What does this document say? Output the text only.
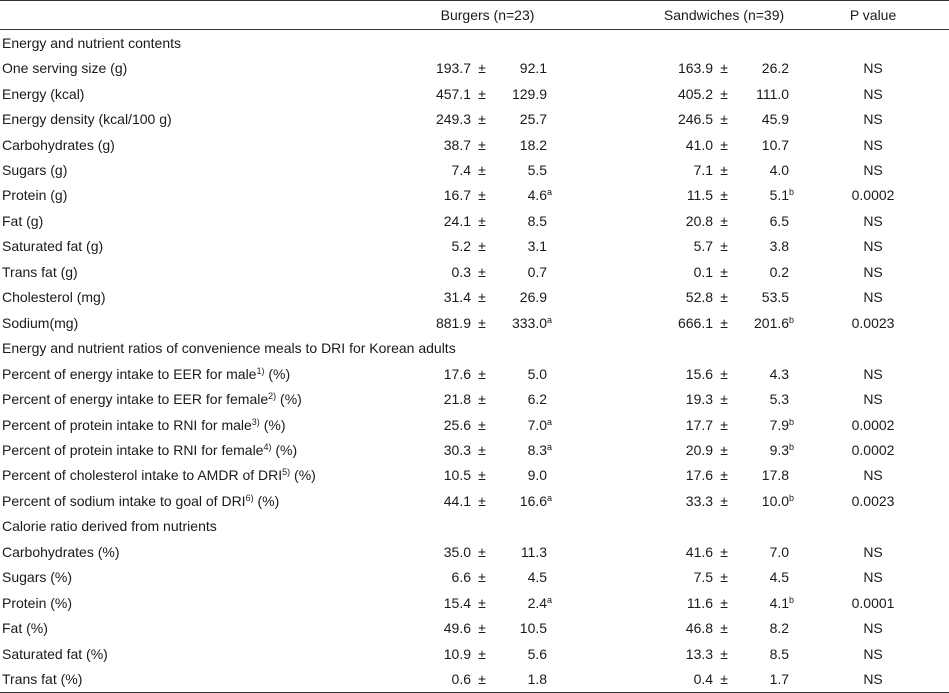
	Burgers (n=23)			Sandwiches (n=39)			P value
Energy and nutrient contents							
One serving size (g)	193.7	±	92.1	163.9	±	26.2	NS
Energy (kcal)	457.1	±	129.9	405.2	±	111.0	NS
Energy density (kcal/100 g)	249.3	±	25.7	246.5	±	45.9	NS
Carbohydrates (g)	38.7	±	18.2	41.0	±	10.7	NS
Sugars (g)	7.4	±	5.5	7.1	±	4.0	NS
Protein (g)	16.7	±	4.6a	11.5	±	5.1b	0.0002
Fat (g)	24.1	±	8.5	20.8	±	6.5	NS
Saturated fat (g)	5.2	±	3.1	5.7	±	3.8	NS
Trans fat (g)	0.3	±	0.7	0.1	±	0.2	NS
Cholesterol (mg)	31.4	±	26.9	52.8	±	53.5	NS
Sodium(mg)	881.9	±	333.0a	666.1	±	201.6b	0.0023
Energy and nutrient ratios of convenience meals to DRI for Korean adults							
Percent of energy intake to EER for male$^{1)}$ (%)	17.6	±	5.0	15.6	±	4.3	NS
Percent of energy intake to EER for female$^{2)}$ (%)	21.8	±	6.2	19.3	±	5.3	NS
Percent of protein intake to RNI for male$^{3)}$ (%)	25.6	±	7.0a	17.7	±	7.9b	0.0002
Percent of protein intake to RNI for female$^{4)}$ (%)	30.3	±	8.3a	20.9	±	9.3b	0.0002
Percent of cholesterol intake to AMDR of DRI$^{5)}$ (%)	10.5	±	9.0	17.6	±	17.8	NS
Percent of sodium intake to goal of DRI$^{6)}$ (%)	44.1	±	16.6a	33.3	±	10.0b	0.0023
Calorie ratio derived from nutrients							
Carbohydrates (%)	35.0	±	11.3	41.6	±	7.0	NS
Sugars (%)	6.6	±	4.5	7.5	±	4.5	NS
Protein (%)	15.4	±	2.4a	11.6	±	4.1b	0.0001
Fat (%)	49.6	±	10.5	46.8	±	8.2	NS
Saturated fat (%)	10.9	±	5.6	13.3	±	8.5	NS
Trans fat (%)	0.6	±	1.8	0.4	±	1.7	NS
